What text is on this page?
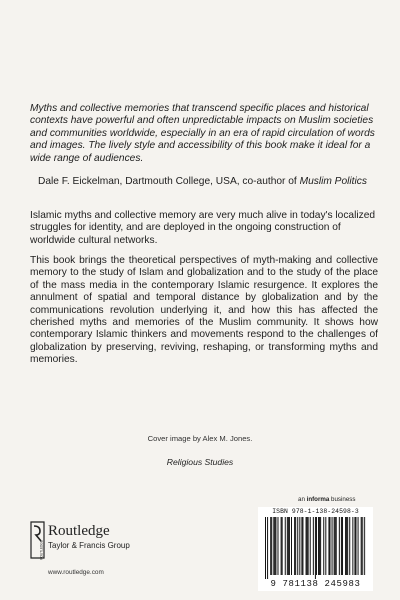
Myths and collective memories that transcend specific places and historical contexts have powerful and often unpredictable impacts on Muslim societies and communities worldwide, especially in an era of rapid circulation of words and images. The lively style and accessibility of this book make it ideal for a wide range of audiences.
Dale F. Eickelman, Dartmouth College, USA, co-author of Muslim Politics

Islamic myths and collective memory are very much alive in today's localized struggles for identity, and are deployed in the ongoing construction of worldwide cultural networks.

This book brings the theoretical perspectives of myth-making and collective memory to the study of Islam and globalization and to the study of the place of the mass media in the contemporary Islamic resurgence. It explores the annulment of spatial and temporal distance by globalization and by the communications revolution underlying it, and how this has affected the cherished myths and memories of the Muslim community. It shows how contemporary Islamic thinkers and movements respond to the challenges of globalization by preserving, reviving, reshaping, or transforming myths and memories.

Cover image by Alex M. Jones.
Religious Studies
an informa business
ROUTLEDGE
Routledge
Taylor & Francis Group
www.routledge.com
ISBN 978-1-138-24598-3
9 781138 245983
